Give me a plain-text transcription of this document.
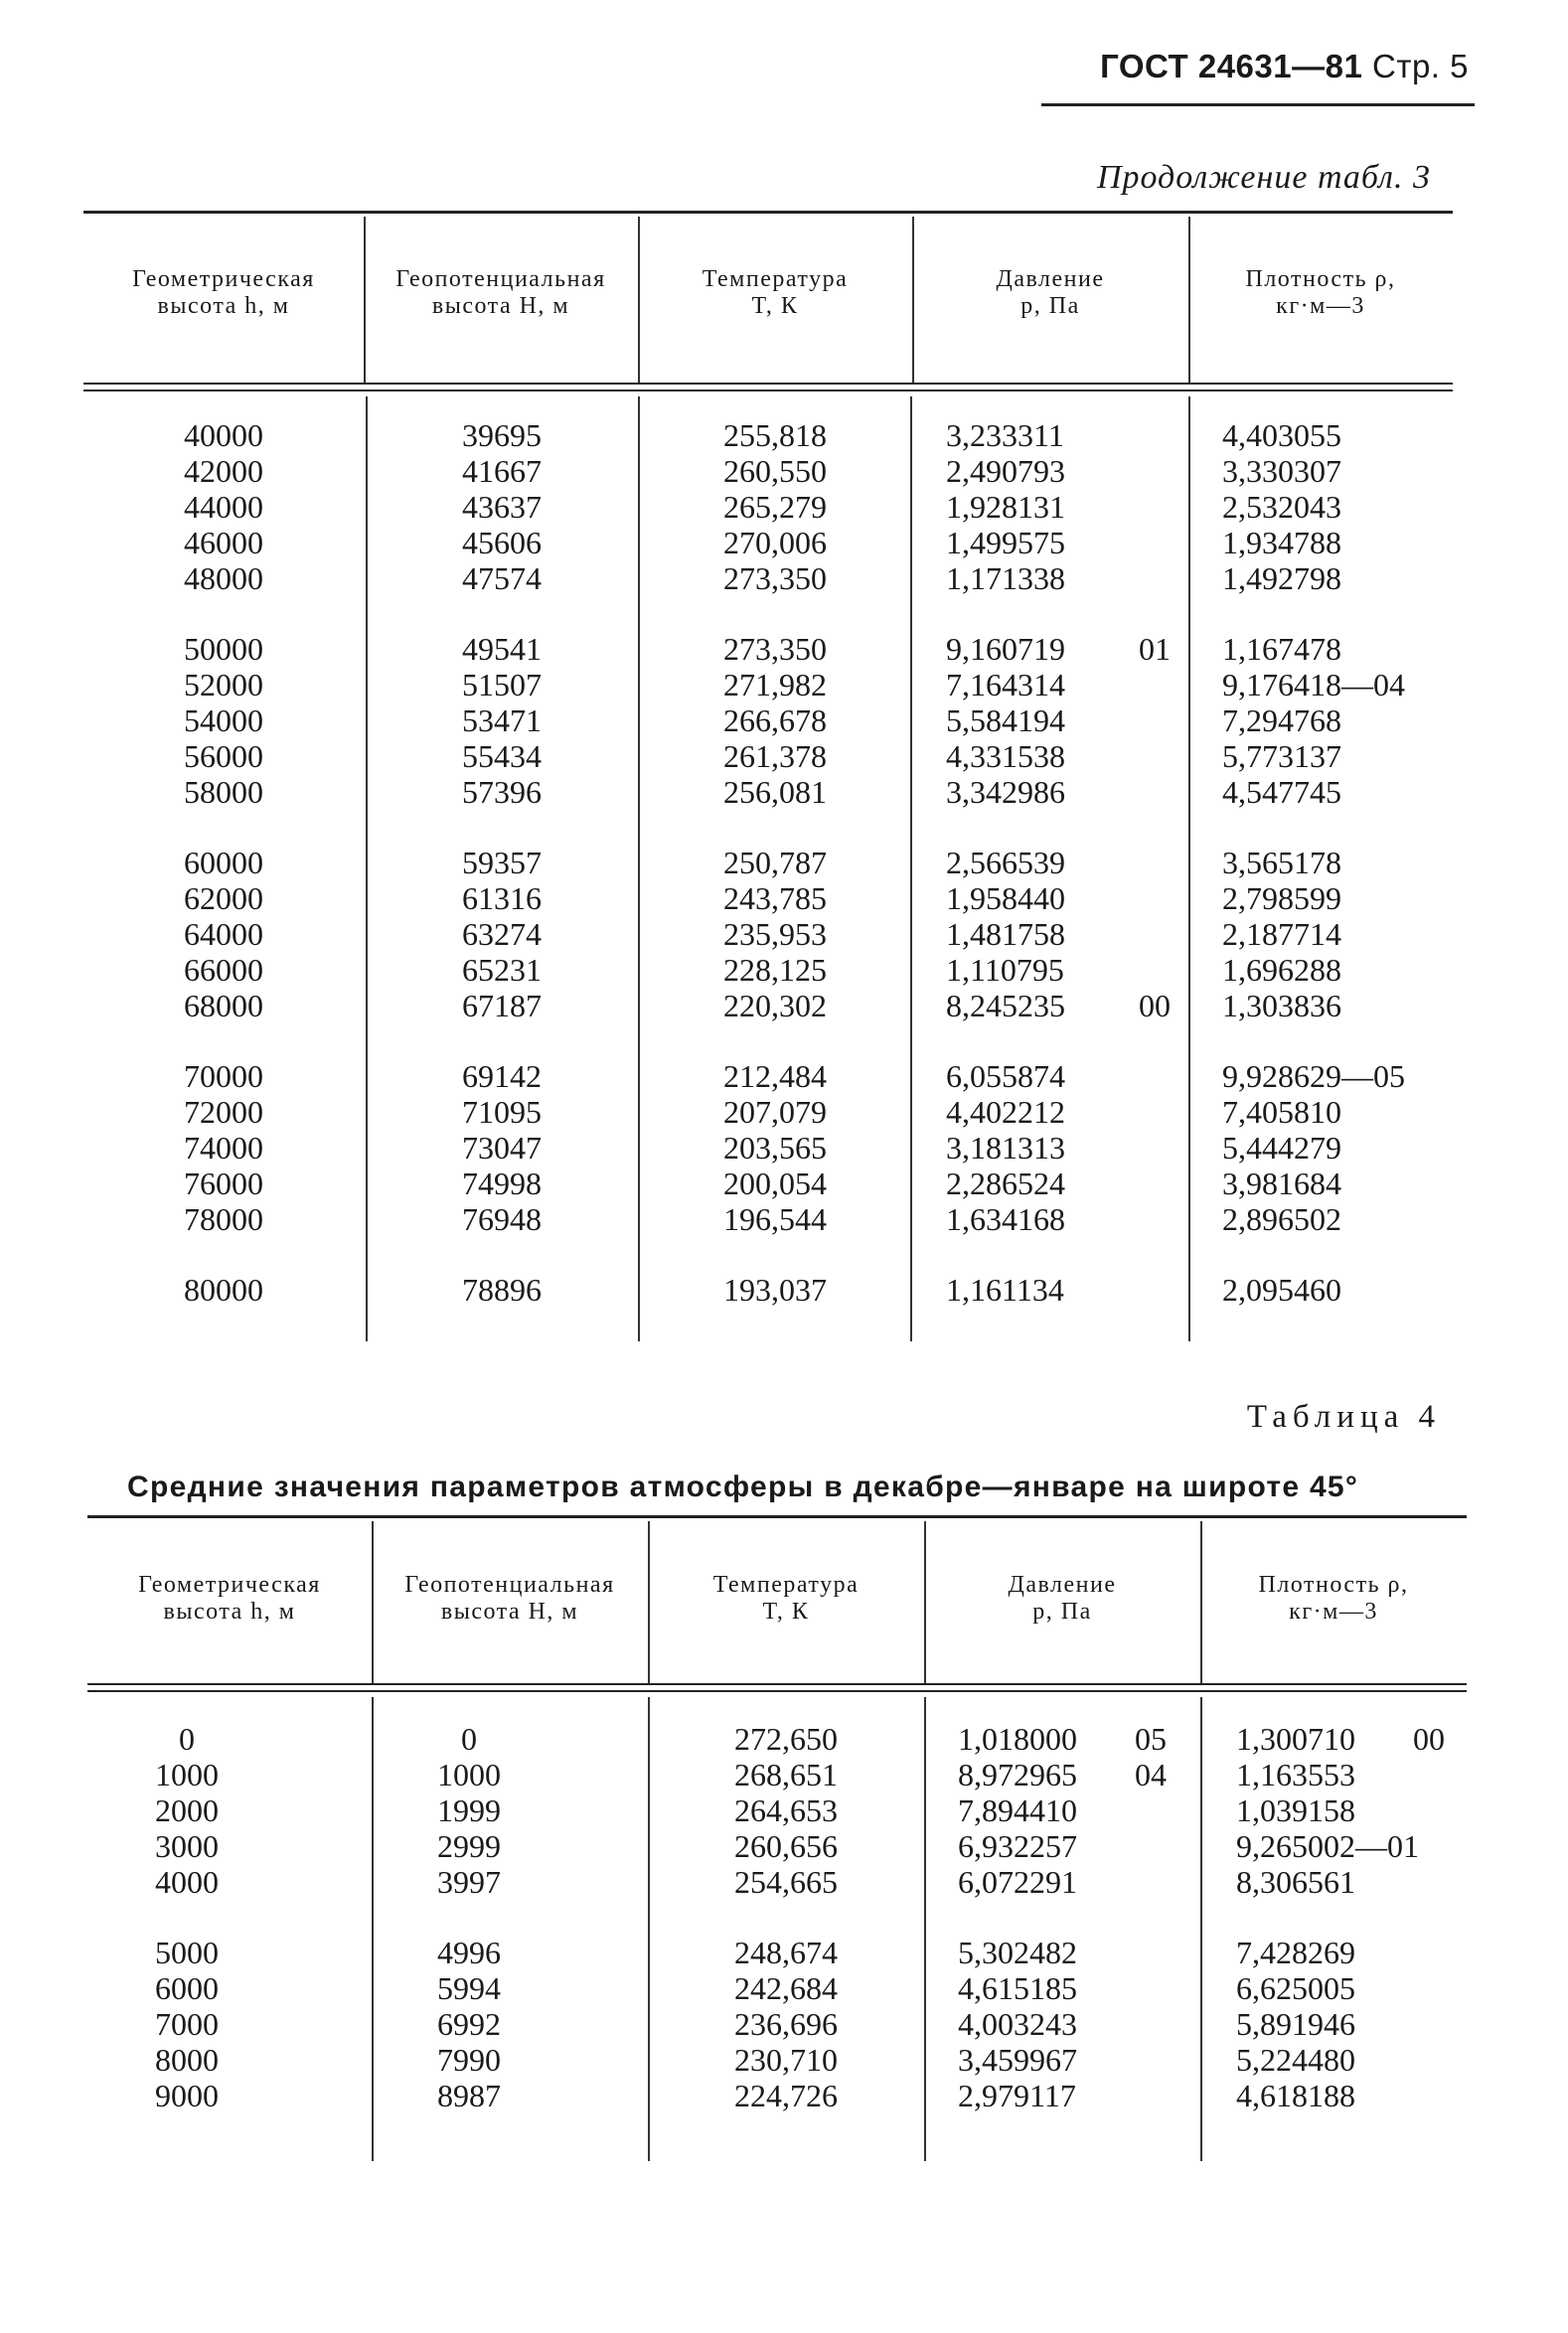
ГОСТ 24631—81 Стр. 5
Продолжение табл. 3
Геометрическая
высота h, м
Геопотенциальная
высота H, м
Температура
T, К
Давление
p, Па
Плотность ρ,
кг·м—3
40000
42000
44000
46000
48000
50000
52000
54000
56000
58000
60000
62000
64000
66000
68000
70000
72000
74000
76000
78000
80000
39695
41667
43637
45606
47574
49541
51507
53471
55434
57396
59357
61316
63274
65231
67187
69142
71095
73047
74998
76948
78896
255,818
260,550
265,279
270,006
273,350
273,350
271,982
266,678
261,378
256,081
250,787
243,785
235,953
228,125
220,302
212,484
207,079
203,565
200,054
196,544
193,037
3,233311
2,490793
1,928131
1,499575
1,171338
9,160719 01
7,164314
5,584194
4,331538
3,342986
2,566539
1,958440
1,481758
1,110795
8,245235 00
6,055874
4,402212
3,181313
2,286524
1,634168
1,161134
4,403055
3,330307
2,532043
1,934788
1,492798
1,167478
9,176418—04
7,294768
5,773137
4,547745
3,565178
2,798599
2,187714
1,696288
1,303836
9,928629—05
7,405810
5,444279
3,981684
2,896502
2,095460
Таблица 4
Средние значения параметров атмосферы в декабре—январе на широте 45°
Геометрическая
высота h, м
Геопотенциальная
высота H, м
Температура
T, К
Давление
p, Па
Плотность ρ,
кг·м—3
0
1000
2000
3000
4000
5000
6000
7000
8000
9000
0
1000
1999
2999
3997
4996
5994
6992
7990
8987
272,650
268,651
264,653
260,656
254,665
248,674
242,684
236,696
230,710
224,726
1,018000 05
8,972965 04
7,894410
6,932257
6,072291
5,302482
4,615185
4,003243
3,459967
2,979117
1,300710 00
1,163553
1,039158
9,265002—01
8,306561
7,428269
6,625005
5,891946
5,224480
4,618188
